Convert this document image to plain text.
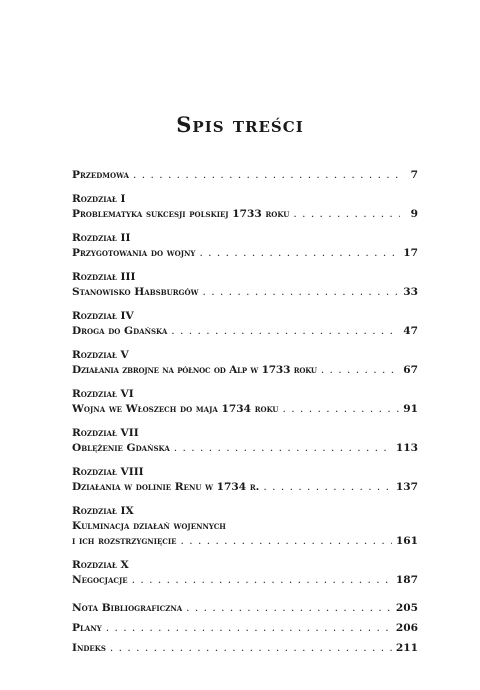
Spis treści
Przedmowa . . .	7
Rozdział I
Problematyka sukcesji polskiej 1733 roku . . .	9
Rozdział II
Przygotowania do wojny . . .	17
Rozdział III
Stanowisko Habsburgów . . .	33
Rozdział IV
Droga do Gdańska . . .	47
Rozdział V
Działania zbrojne na północ od Alp w 1733 roku . . .	67
Rozdział VI
Wojna we Włoszech do maja 1734 roku . . .	91
Rozdział VII
Oblężenie Gdańska . . .	113
Rozdział VIII
Działania w dolinie Renu w 1734 r. . . .	137
Rozdział IX
Kulminacja działań wojennych
i ich rozstrzygnięcie . . .	161
Rozdział X
Negocjacje . . .	187
Nota Bibliograficzna . . .	205
Plany . . .	206
Indeks . . .	211
